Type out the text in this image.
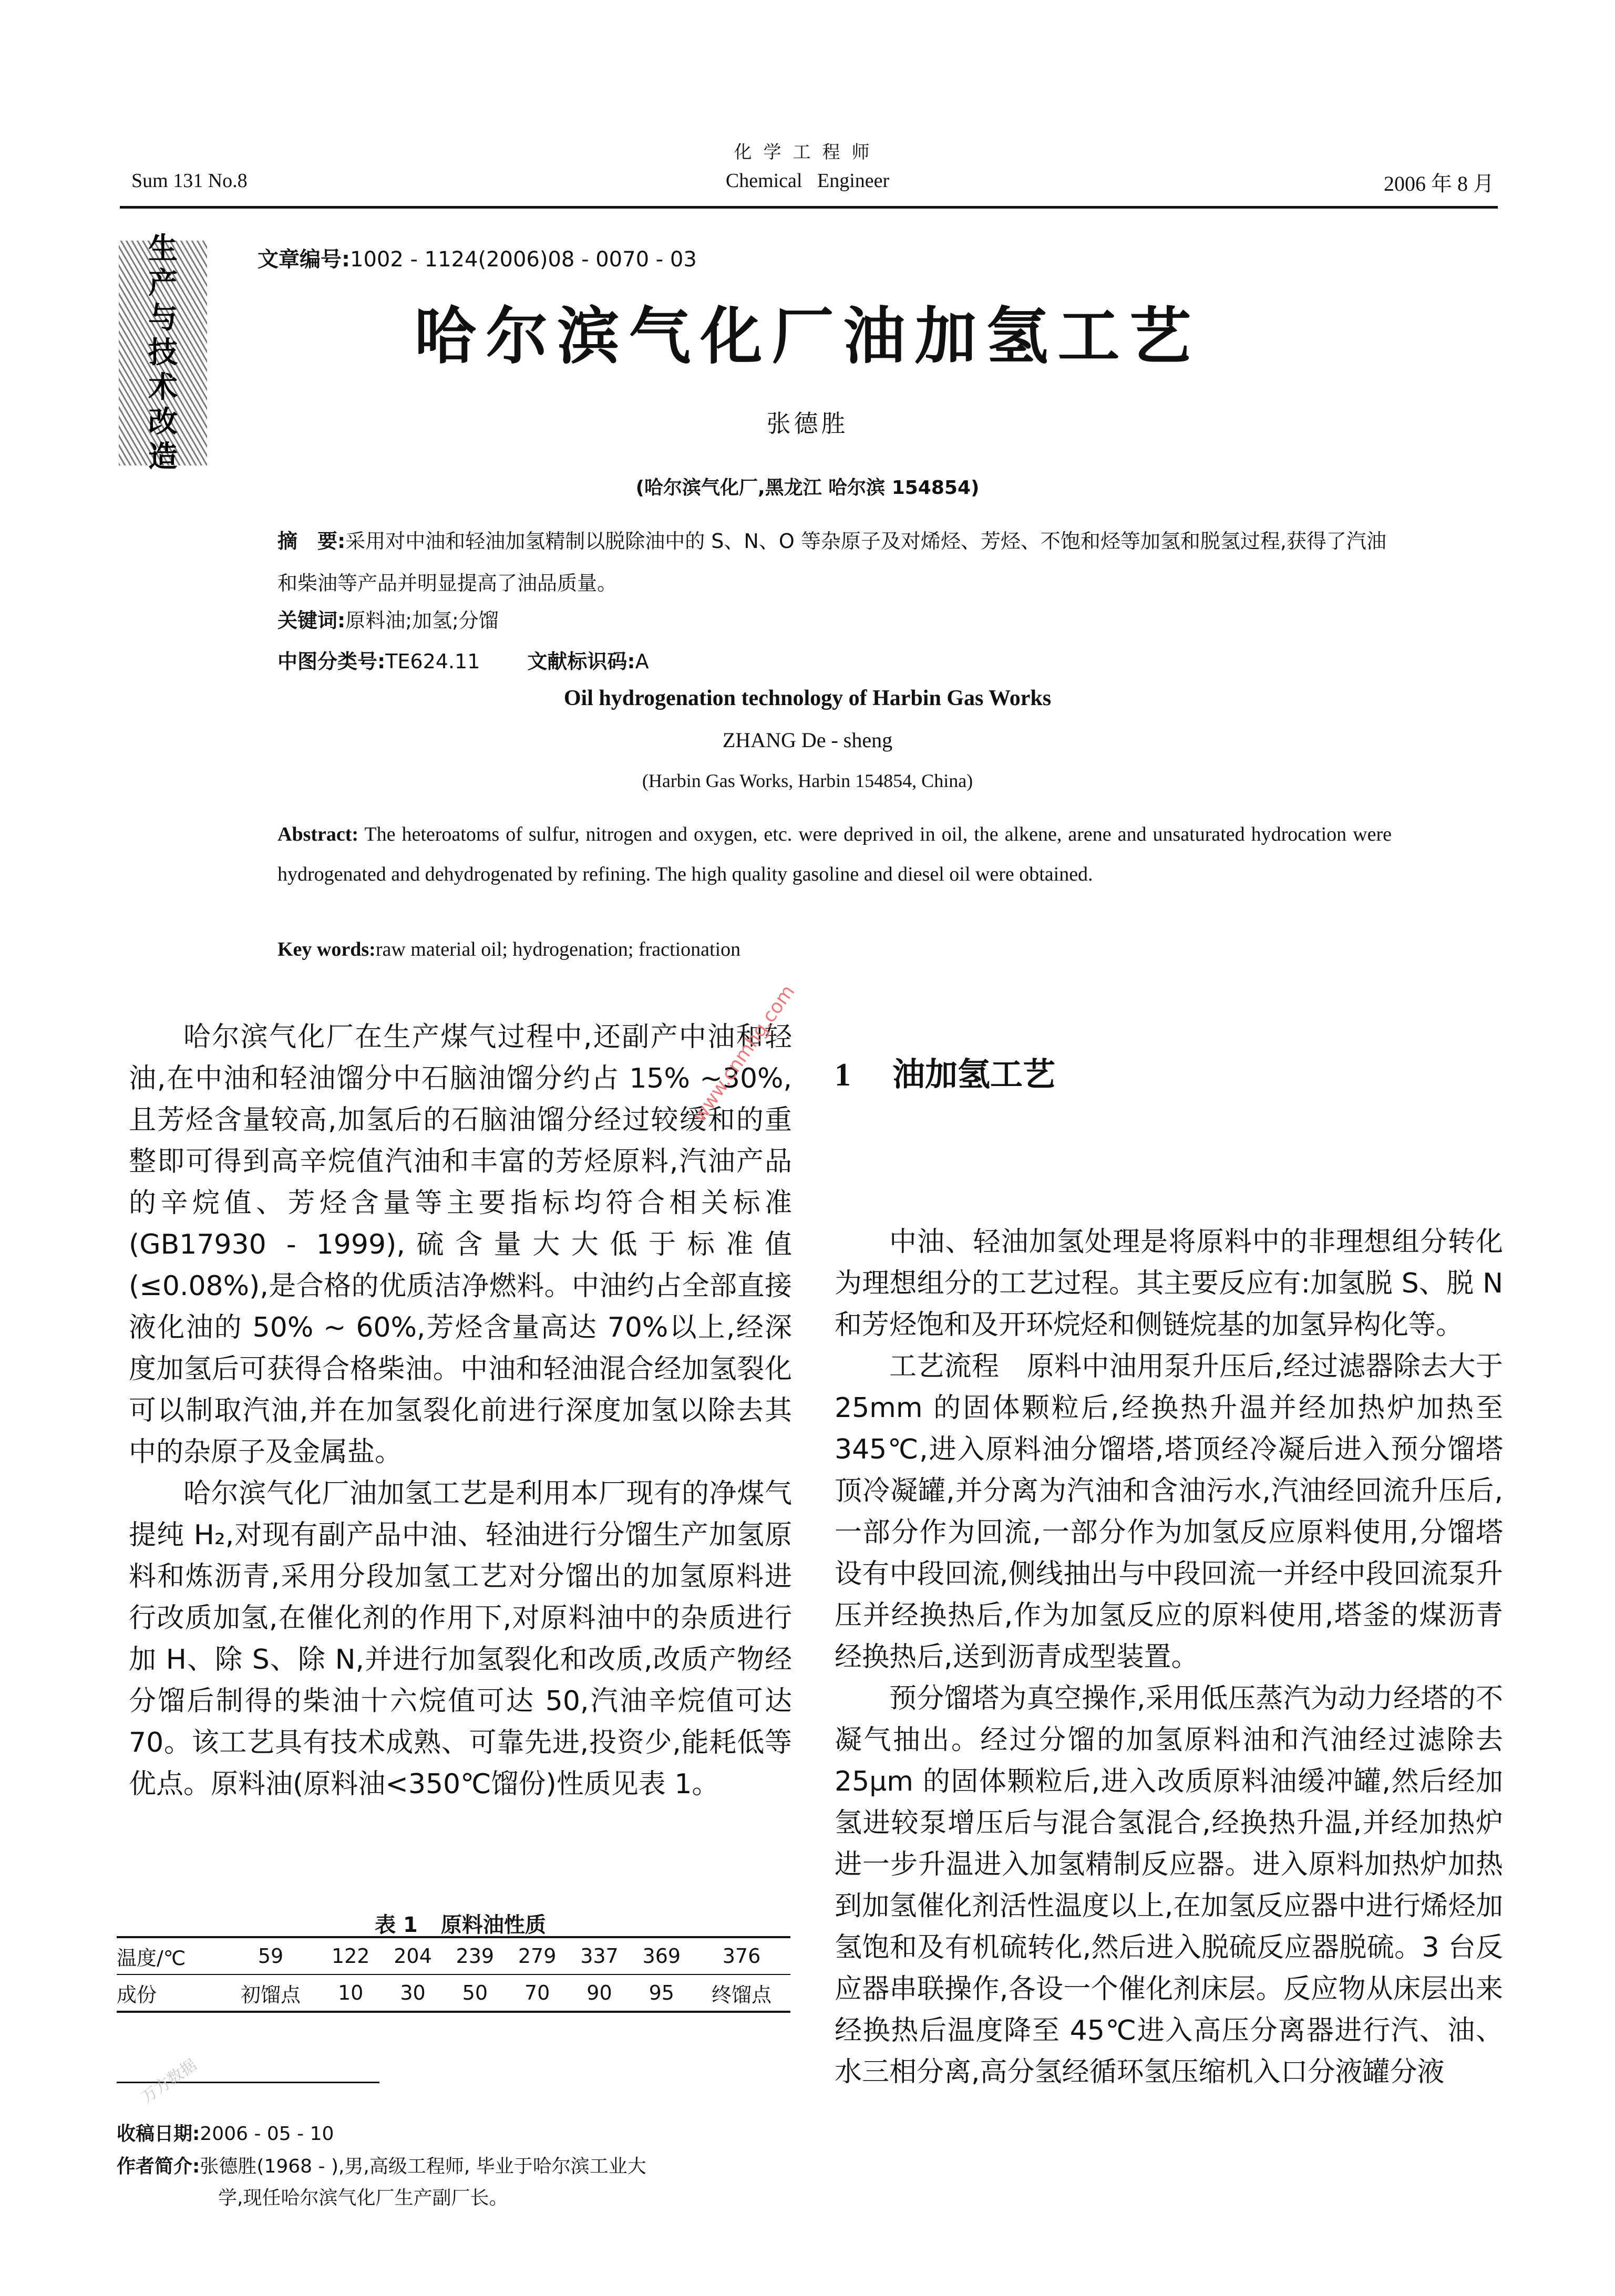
化学工程师
Sum 131 No.8	Chemical   Engineer	2006 年 8 月
生
产
与
技
术
改
造
文章编号:1002 - 1124(2006)08 - 0070 - 03
哈尔滨气化厂油加氢工艺
张德胜
(哈尔滨气化厂,黑龙江 哈尔滨 154854)
摘　要:采用对中油和轻油加氢精制以脱除油中的 S、N、O 等杂原子及对烯烃、芳烃、不饱和烃等加氢和脱氢过程,获得了汽油和柴油等产品并明显提高了油品质量。
关键词:原料油;加氢;分馏
中图分类号:TE624.11 文献标识码:A
Oil hydrogenation technology of Harbin Gas Works
ZHANG De - sheng
(Harbin Gas Works, Harbin 154854, China)
Abstract: The heteroatoms of sulfur, nitrogen and oxygen, etc. were deprived in oil, the alkene, arene and unsaturated hydrocation were hydrogenated and dehydrogenated by refining. The high quality gasoline and diesel oil were obtained.
Key words:raw material oil; hydrogenation; fractionation

哈尔滨气化厂在生产煤气过程中,还副产中油和轻油,在中油和轻油馏分中石脑油馏分约占 15% ~30%,且芳烃含量较高,加氢后的石脑油馏分经过较缓和的重整即可得到高辛烷值汽油和丰富的芳烃原料,汽油产品的辛烷值、芳烃含量等主要指标均符合相关标准(GB17930 - 1999),硫含量大大低于标准值(≤0.08%),是合格的优质洁净燃料。中油约占全部直接液化油的 50% ~ 60%,芳烃含量高达 70%以上,经深度加氢后可获得合格柴油。中油和轻油混合经加氢裂化可以制取汽油,并在加氢裂化前进行深度加氢以除去其中的杂原子及金属盐。

哈尔滨气化厂油加氢工艺是利用本厂现有的净煤气提纯 H₂,对现有副产品中油、轻油进行分馏生产加氢原料和炼沥青,采用分段加氢工艺对分馏出的加氢原料进行改质加氢,在催化剂的作用下,对原料油中的杂质进行加 H、除 S、除 N,并进行加氢裂化和改质,改质产物经分馏后制得的柴油十六烷值可达 50,汽油辛烷值可达 70。该工艺具有技术成熟、可靠先进,投资少,能耗低等优点。原料油(原料油<350℃馏份)性质见表 1。

表 1 原料油性质
温度/℃	59	122	204	239	279	337	369	376
成份	初馏点	10	30	50	70	90	95	终馏点
收稿日期:2006 - 05 - 10
作者简介:张德胜(1968 - ),男,高级工程师, 毕业于哈尔滨工业大
学,现任哈尔滨气化厂生产副厂长。
1 油加氢工艺

中油、轻油加氢处理是将原料中的非理想组分转化为理想组分的工艺过程。其主要反应有:加氢脱 S、脱 N 和芳烃饱和及开环烷烃和侧链烷基的加氢异构化等。

工艺流程　原料中油用泵升压后,经过滤器除去大于 25mm 的固体颗粒后,经换热升温并经加热炉加热至 345℃,进入原料油分馏塔,塔顶经冷凝后进入预分馏塔顶冷凝罐,并分离为汽油和含油污水,汽油经回流升压后,一部分作为回流,一部分作为加氢反应原料使用,分馏塔设有中段回流,侧线抽出与中段回流一并经中段回流泵升压并经换热后,作为加氢反应的原料使用,塔釜的煤沥青经换热后,送到沥青成型装置。

预分馏塔为真空操作,采用低压蒸汽为动力经塔的不凝气抽出。经过分馏的加氢原料油和汽油经过滤除去 25μm 的固体颗粒后,进入改质原料油缓冲罐,然后经加氢进较泵增压后与混合氢混合,经换热升温,并经加热炉进一步升温进入加氢精制反应器。进入原料加热炉加热到加氢催化剂活性温度以上,在加氢反应器中进行烯烃加氢饱和及有机硫转化,然后进入脱硫反应器脱硫。3 台反应器串联操作,各设一个催化剂床层。反应物从床层出来经换热后温度降至 45℃进入高压分离器进行汽、油、水三相分离,高分氢经循环氢压缩机入口分液罐分液

www.cnmhg.com
万方数据
